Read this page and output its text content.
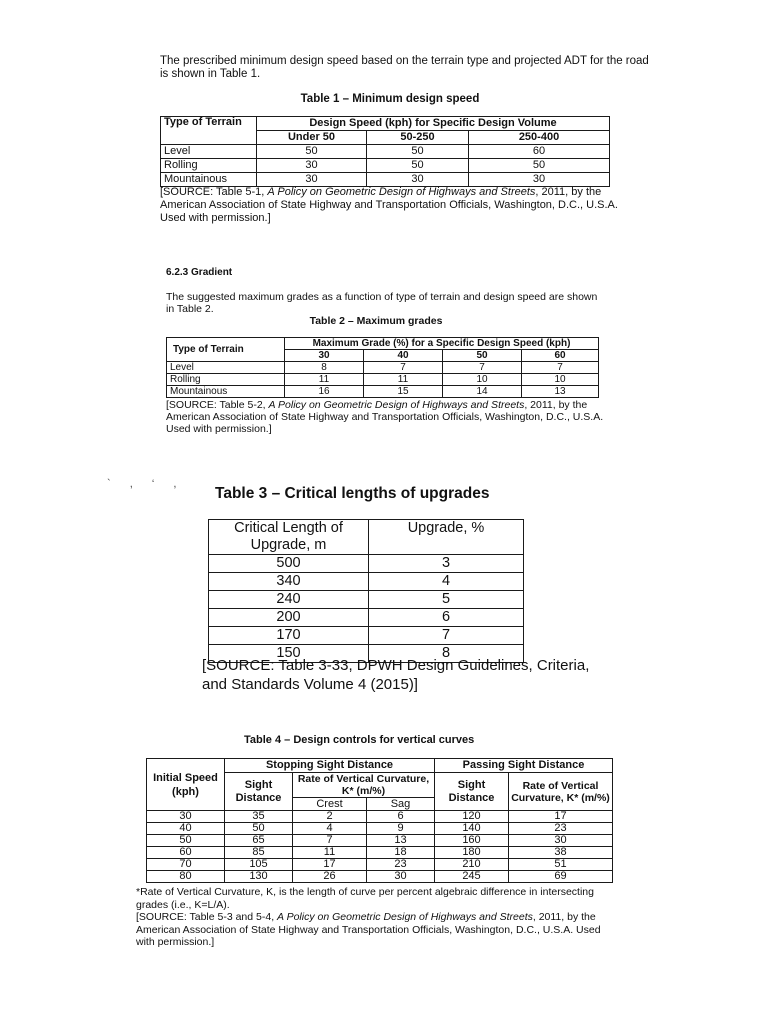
The prescribed minimum design speed based on the terrain type and projected ADT for the road is shown in Table 1.

Table 1 – Minimum design speed

Type of Terrain	Design Speed (kph) for Specific Design Volume		
	Under 50	50-250	250-400
Level	50	50	60
Rolling	30	50	50
Mountainous	30	30	30

[SOURCE: Table 5-1, A Policy on Geometric Design of Highways and Streets, 2011, by the American Association of State Highway and Transportation Officials, Washington, D.C., U.S.A. Used with permission.]

6.2.3 Gradient

The suggested maximum grades as a function of type of terrain and design speed are shown in Table 2.

Table 2 – Maximum grades

Type of Terrain	Maximum Grade (%) for a Specific Design Speed (kph)			
	30	40	50	60
Level	8	7	7	7
Rolling	11	11	10	10
Mountainous	16	15	14	13

[SOURCE: Table 5-2, A Policy on Geometric Design of Highways and Streets, 2011, by the American Association of State Highway and Transportation Officials, Washington, D.C., U.S.A. Used with permission.]

` , ‘ ,

Table 3 – Critical lengths of upgrades

Critical Length of Upgrade, m	Upgrade, %
500	3
340	4
240	5
200	6
170	7
150	8

[SOURCE: Table 3-33, DPWH Design Guidelines, Criteria, and Standards Volume 4 (2015)]

Table 4 – Design controls for vertical curves

Initial Speed (kph)	Stopping Sight Distance			Passing Sight Distance	
	Sight Distance	Rate of Vertical Curvature, K* (m/%)		Sight Distance	Rate of Vertical Curvature, K* (m/%)
		Crest	Sag		
30	35	2	6	120	17
40	50	4	9	140	23
50	65	7	13	160	30
60	85	11	18	180	38
70	105	17	23	210	51
80	130	26	30	245	69

*Rate of Vertical Curvature, K, is the length of curve per percent algebraic difference in intersecting grades (i.e., K=L/A).

[SOURCE: Table 5-3 and 5-4, A Policy on Geometric Design of Highways and Streets, 2011, by the American Association of State Highway and Transportation Officials, Washington, D.C., U.S.A. Used with permission.]
